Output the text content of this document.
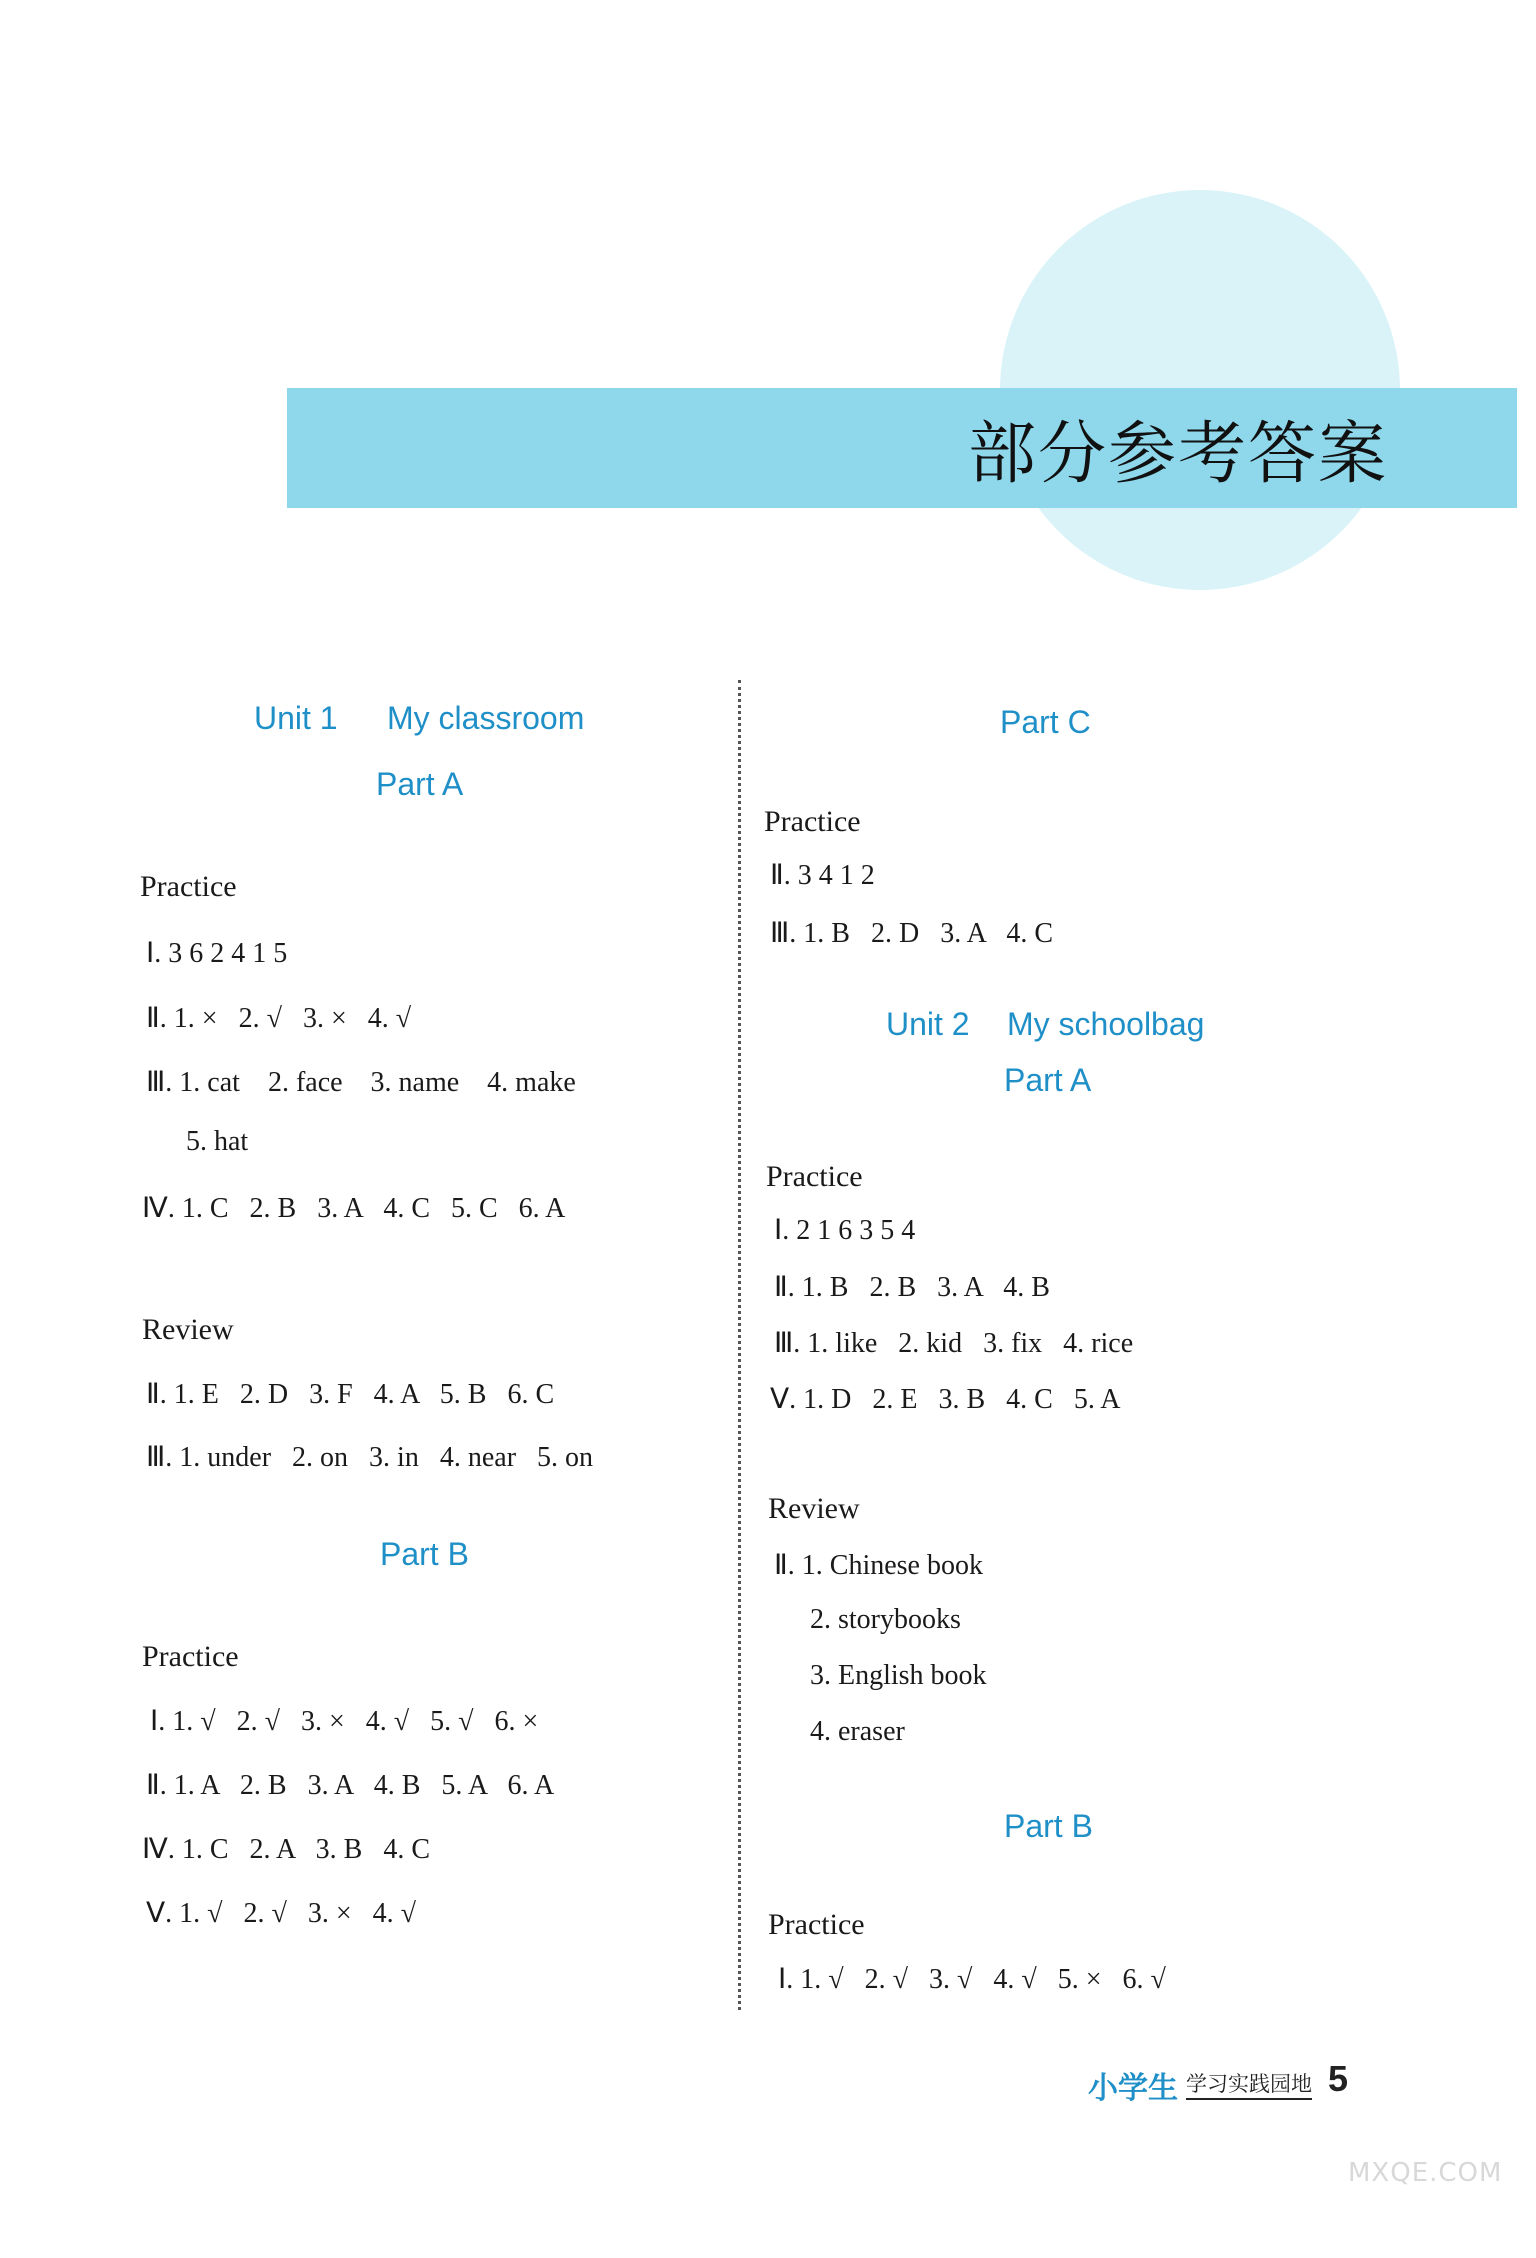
部分参考答案
Unit 1 My classroom
Part A
Practice
Ⅰ. 3 6 2 4 1 5
Ⅱ. 1. ×   2. √   3. ×   4. √
Ⅲ. 1. cat    2. face    3. name    4. make
5. hat
Ⅳ. 1. C   2. B   3. A   4. C   5. C   6. A
Review
Ⅱ. 1. E   2. D   3. F   4. A   5. B   6. C
Ⅲ. 1. under   2. on   3. in   4. near   5. on
Part B
Practice
Ⅰ. 1. √   2. √   3. ×   4. √   5. √   6. ×
Ⅱ. 1. A   2. B   3. A   4. B   5. A   6. A
Ⅳ. 1. C   2. A   3. B   4. C
Ⅴ. 1. √   2. √   3. ×   4. √
Part C
Practice
Ⅱ. 3 4 1 2
Ⅲ. 1. B   2. D   3. A   4. C
Unit 2 My schoolbag
Part A
Practice
Ⅰ. 2 1 6 3 5 4
Ⅱ. 1. B   2. B   3. A   4. B
Ⅲ. 1. like   2. kid   3. fix   4. rice
Ⅴ. 1. D   2. E   3. B   4. C   5. A
Review
Ⅱ. 1. Chinese book
2. storybooks
3. English book
4. eraser
Part B
Practice
Ⅰ. 1. √   2. √   3. √   4. √   5. ×   6. √
小学生 学习实践园地 5
MXQE.COM
